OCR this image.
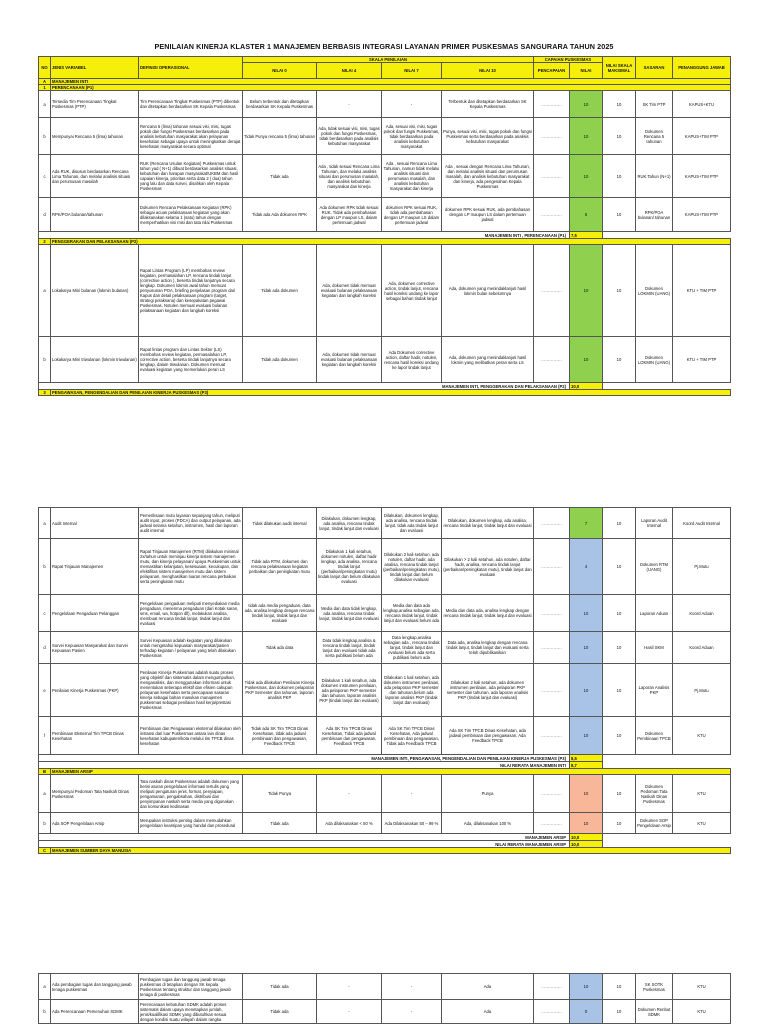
PENILAIAN KINERJA KLASTER 1 MANAJEMEN BERBASIS INTEGRASI LAYANAN PRIMER PUSKESMAS SANGURARA TAHUN 2025
NO	JENIS VARIABEL	DEFINISI OPERASIONAL	SKALA PENILAIAN				CAPAIAN PUSKESMAS		NILAI SKALA MAKSIMAL	SASARAN	PENANGGUNG JAWAB
			NILAI 0	NILAI 4	NILAI 7	NILAI 10	PENCAPAIAN	NILAI			
A	MANAJEMEN INTI										
1	PERENCANAAN (P1)										
a	Tersedia Tim Perencanaan Tingkat Puskesmas (PTP)	Tim Perencanaan Tingkat Puskesmas (PTP) dibentuk dan ditetapkan berdasarkan SK Kepala Puskesmas	Belum terbentuk dan ditetapkan berdasarkan SK Kepala Puskesmas	-	-	Terbentuk dan ditetapkan berdasarkan SK Kepala Puskesmas	……………	10	10	SK Tim PTP	KAPUS+KTU
b	Mempunyai Rencana 5 (lima) tahunan	Rencana 5 (lima) tahunan sesuai visi, misi, tugas pokok dan fungsi Puskesmas berdasarkan pada analisis kebutuhan masyarakat akan pelayanan kesehatan sebagai upaya untuk meningkatkan derajat kesehatan masyarakat secara optimal	Tidak Punya rencana 5 (lima) tahunan	Ada, tidak sesuai visi, misi, tugas pokok dan fungsi Puskesmas, tidak berdasarkan pada analisis kebutuhan masyarakat	Ada, sesuai visi, misi, tugas pokok dan fungsi Puskesmas, tidak berdasarkan pada analisis kebutuhan masyarakat	Punya, sesuai visi, misi, tugas pokok dan fungsi Puskesmas serta berdasarkan pada analisis kebutuhan masyarakat	……………	10	10	Dokumen Rencana 5 tahunan	KAPUS+TIM PTP
c	Ada RUK, disusun berdasarkan Rencana Lima Tahunan, dan melalui analisis situasi dan perumusan masalah	RUK (Rencana Usulan Kegiatan) Puskesmas untuk tahun yad ( N+1) dibuat berdasarkan analisis situasi, kebutuhan dan harapan masyarakat/UKBM dan hasil capaian kinerja, prioritas serta data 2 ( dua) tahun yang lalu dan data survei, disahkan oleh Kepala Puskesmas	Tidak ada	Ada , tidak sesuai Rencana Lima Tahunan, dan melalui analisis situasi dan perumusan masalah, dan analisis kebutuhan masyarakat dan kinerja	Ada , sesuai Rencana Lima Tahunan, namun tidak melalui analisis situasi dan perumusan masalah, dan analisis kebutuhan masyarakat dan kinerja	Ada , sesuai dengan Rencana Lima Tahunan, dan melalui analisis situasi dan perumusan masalah, dan analisis kebutuhan masyarakat dan kinerja, ada pengesahan Kepala Puskesmas	……………	10	10	RUK Tahun (N+1)	KAPUS+TIM PTP
d	RPK/POA bulanan/tahunan	Dokumen Rencana Pelaksanaan Kegiatan (RPK) sebagai acuan pelaksanaan kegiatan yang akan dilaksanakan selama 1 (satu) tahun dengan memperhatikan visi misi dan tata nilai Puskesmas	Tidak ada Ada dokumen RPK	Ada dokumen RPK tidak sesuai RUK, Tidak ada pembahasan dengan LP maupun LS, dalam pertemuan jadwal	dokumen RPK sesuai RUK, tidak ada pembahasan dengan LP maupun LS dalam pertemuan jadwal	dokumen RPK sesuai RUK, ada pembahasan dengan LP maupun LS dalam pertemuan jadwal	……………	5	10	RPK/POA bulanan/ tahunan	KAPUS+TIM PTP
MANAJEMEN INTI , PERENCANAAN (P1)								7,5			
2	PENGGERAKAN DAN PELAKSANAAN (P2)										
a	Lokakarya Mini bulanan (lokmin bulanan)	Rapat Lintas Program (LP) membahas review kegiatan, permasalahan LP, rencana tindak lanjut (corrective action ), beserta tindak lanjutnya secara lengkap. Dokumen lokmin awal tahun memuat penyusunan POA, briefing penjelasan program dari Kapus dan detail pelaksanaan program (target, strategi pelaksana) dan kesepakatan pegawai Puskesmas. Notulen memuat evaluasi bulanan pelaksanaan kegiatan dan langkah koreksi	Tidak ada dokumen	Ada, dokumen tidak memuat evaluasi bulanan pelaksanaan kegiatan dan langkah koreksi	Ada, dokumen corrective action, tindak lanjut, rencana hasil koreksi undang ke lapor sebagai bahan tindak lanjut	Ada, dokumen yang menindaklanjuti hasil lokmin bulan sebelumnya	……………	10	10	Dokumen LOKMIN (UANG)	KTU + TIM PTP
b	Lokakarya Mini triwulanan (lokmin triwulanan)	Rapat lintas program dan Lintas Sektor (LS) membahas review kegiatan, permasalahan LP, corrective action, beserta tindak lanjutnya secara lengkap, dalam triwulanan. Dokumen memuat evaluasi kegiatan yang memerlukan peran LS	Tidak ada dokumen	Ada, dokumen tidak memuat evaluasi bulanan pelaksanaan kegiatan dan langkah koreksi	Ada Dokumen corrective action, daftar hadir, notulen, rencana hasil koreksi undang ke lapor tindak lanjut	Ada, dokumen yang menindaklanjuti hasil lokmin yang melibatkan peran serta LS	……………	10	10	Dokumen LOKMIN (UANG)	KTU + TIM PTP
MANAJEMEN INTI, PENGGERAKAN DAN PELAKSANAAN (P2)								10,0			
3	PENGAWASAN, PENGENDALIAN DAN PENILAIAN KINERJA PUSKESMAS (P3)										
a	Audit Internal	Pemeriksaan mutu layanan sepanjang tahun, meliputi audit input, proses (PDCA) dan output pelayanan, ada jadwal selama setahun, instrumen, hasil dan laporan audit internal	Tidak dilakukan audit internal	Dilakukan, dokumen lengkap, ada analisa, rencana tindak lanjut, tindak lanjut dan evaluasi	Dilakukan, dokumen lengkap, ada analisa, rencana tindak lanjut, tidak ada tindak lanjut dan evaluasi	Dilakukan, dokumen lengkap, ada analisa, rencana tindak lanjut, tindak lanjut dan evaluasi	……………	7	10	Laporan Audit Internal	Koord Audit Internal
b	Rapat Tinjauan Manajemen	Rapat Tinjauan Manajemen (RTM) dilakukan minimal 2x/tahun untuk meninjau kinerja sistem manajemen mutu, dan kinerja pelayanan/ upaya Puskesmas untuk memastikan kelanjutan, kesesuaian, kecukupan, dan efektifitas sistem manajemen mutu dan sistem pelayanan, menghasilkan luaran rencana perbaikan serta peningkatan mutu	Tidak ada RTM, dokumen dan rencana pelaksanaan kegiatan perbaikan dan peningkatan mutu	Dilakukan 1 kali setahun, dokumen notulen, daftar hadir lengkap, ada analisa, rencana tindak lanjut (perbaikan/peningkatan mutu) tindak lanjut dan belum dilakukan evaluasi	Dilakukan 2 kali setahun, ada notulen, daftar hadir, ada analisa, rencana tindak lanjut (perbaikan/peningkatan mutu), tindak lanjut dan belum dilakukan evaluasi	Dilakukan > 2 kali setahun, ada notulen, daftar hadir, analisa, rencana tindak lanjut (perbaikan/peningkatan mutu), tindak lanjut dan evaluasi	……………	4	10	Dokumen RTM (UANG)	Pj.Mutu
c	Pengelolaan Pengaduan Pelanggan	Pengelolaan pengaduan meliputi menyediakan media pengaduan, menerima pengaduan (dari Kotak saran, sms, email, wa, hotpon dll), melakukan analisa, membuat rencana tindak lanjut, tindak lanjut dan evaluasi	tidak ada media pengaduan, data ada, analisa lengkap dengan rencana tindak lanjut, tindak lanjut dan evaluasi	Media dan data tidak lengkap, ada analisa, rencana tindak lanjut, tindak lanjut dan evaluasi	Media dan data ada lengkap,analisa sebagian ada, rencana tindak lanjut, tindak lanjut dan evaluasi belum ada	Media dan data ada, analisa lengkap dengan rencana tindak lanjut, tindak lanjut dan evaluasi	……………	10	10	Laporan Aduan	Koord Aduan
d	Survei Kepuasan Masyarakat dan Survei Kepuasan Pasien	Survei Kepuasan adalah kegiatan yang dilakukan untuk mengetahui kepuasan masyarakat/pasien terhadap kegiatan / pelayanan yang telah dilakukan Puskesmas	Tidak ada data	Data tidak lengkap,analisa & rencana tindak lanjut, tindak lanjut dan evaluasi tidak ada serta publikasi belum ada	Data lengkap,analisa sebagian ada , rencana tindak lanjut, tindak lanjut dan evaluasi belum ada serta publikasi belum ada	Data ada, analisa lengkap dengan rencana tindak lanjut, tindak lanjut dan evaluasi serta telah dipublikasikan	……………	10	10	Hasil SKM	Koord Aduan
e	Penilaian Kinerja Puskesmas (PKP)	Penilaian Kinerja Puskesmas adalah suatu proses yang objektif dan sistematis dalam mengumpulkan, menganalisis, dan menggunakan informasi untuk menentukan seberapa efektif dan efisien cakupan pelayanan kesehatan serta pencapaian sasaran kinerja sebagai bahan masukan manajemen puskesmas sebagai penilaian hasil kerja/prestasi Puskesmas	Tidak ada dilakukan Penilaian Kinerja Puskesmas, dan dokumen pelaporan PKP Semester dan tahunan, laporan analisis PKP	Dilakukan 1 kali setahun, ada dokumen instrumen penilaian, ada pelaporan PKP semester dan tahunan, laporan analisis PKP (tindak lanjut dan evaluasi)	Dilakukan 1 kali setahun, ada dokumen instrumen penilaian, ada pelaporan PKP semester dan tahunan,belum ada laporan analisis PKP (tindak lanjut dan evaluasi)	Dilakukan 2 kali setahun, ada dokumen instrumen penilaian, ada pelaporan PKP semester dan tahunan, ada laporan analisis PKP (tindak lanjut dan evaluasi)	……………	10	10	Laporan Analisis PKP	Pj.Mutu
f	Pembinaan Eksternal Tim TPCB Dinas Kesehatan	Pembinaan dan Pengawasan eksternal dilakukan oleh instansi dari luar Puskesmas antara lain dinas kesehatan kabupaten/kota melalui tim TPCB dinas kesehatan	Tidak ada SK Tim TPCB Dinas Kesehatan, tidak ada jadwal pembinaan dan pengawasan, Feedback TPCB	Ada SK Tim TPCB Dinas Kesehatan, Tidak ada jadwal pembinaan dan pengawasan, Feedback TPCB	Ada SK Tim TPCB Dinas Kesehatan, Ada jadwal pembinaan dan pengawasan, Tidak ada Feedback TPCB	Ada SK Tim TPCB Dinas Kesehatan, ada jadwal pembinaan dan pengawasan, Ada Feedback TPCB	……………	10	10	Dokumen Pembinaan TPCB	KTU
MANAJEMEN INTI, PENGAWASAN, PENGENDALIAN DAN PENILAIAN KINERJA PUSKESMAS (P3)								8,5			
NILAI RERATA MANAJEMEN INTI								8,7			
B	MANAJEMEN ARSIP										
a	Mempunyai Pedoman Tata Naskah Dinas Puskesmas	Tata naskah dinas Puskesmas adalah dokumen yang berisi aturan pengelolaan informasi tertulis yang meliputi pengaturan jenis, format, penyiapan, pengamanan, pengabsahan, distribusi dan penyimpanan naskah serta media yang digunakan dan komunikasi kedinasan	Tidak Punya	-	-	Punya	……………	10	10	Dokumen Pedoman Tata Naskah Dinas Puskesmas	KTU
b	Ada SOP Pengelolaan Arsip	Merupakan instruksi penting dalam memudahkan pengelolaan kearsipan yang handal dan prosedural	Tidak ada	Ada dilaksanakan < 50 %	Ada Dilaksanakan 50 – 99 %	Ada, dilaksanakan 100 %	……………	10	10	Dokumen SOP Pengelolaan Arsip	KTU
MANAJEMEN ARSIP								10,0			
NILAI RERATA MANAJEMEN ARSIP								10,0			
C	MANAJEMEN SUMBER DAYA MANUSIA										
a	Ada pembagian tugas dan tanggung jawab tenaga puskesmas	Pembagian tugas dan tanggung jawab tenaga puskesmas di tetapkan dengan SK kepala Puskesmas tentang struktur dan tanggung jawab tenaga di puskesmas	Tidak ada	-	-	Ada	……………	10	10	SK SOTK Puskesmas	KTU
b	Ada Perencanaan Pemenuhan SDMK	Perencanaan kebutuhan SDMK adalah proses sistematis dalam upaya menetapkan jumlah, jenis/kualifikasi SDMK yang dibutuhkan sesuai dengan kondisi suatu wilayah dalam rangka	Tidak ada	-	-	Ada	……………	0	10	Dokumen Renbut SDMK	KTU
